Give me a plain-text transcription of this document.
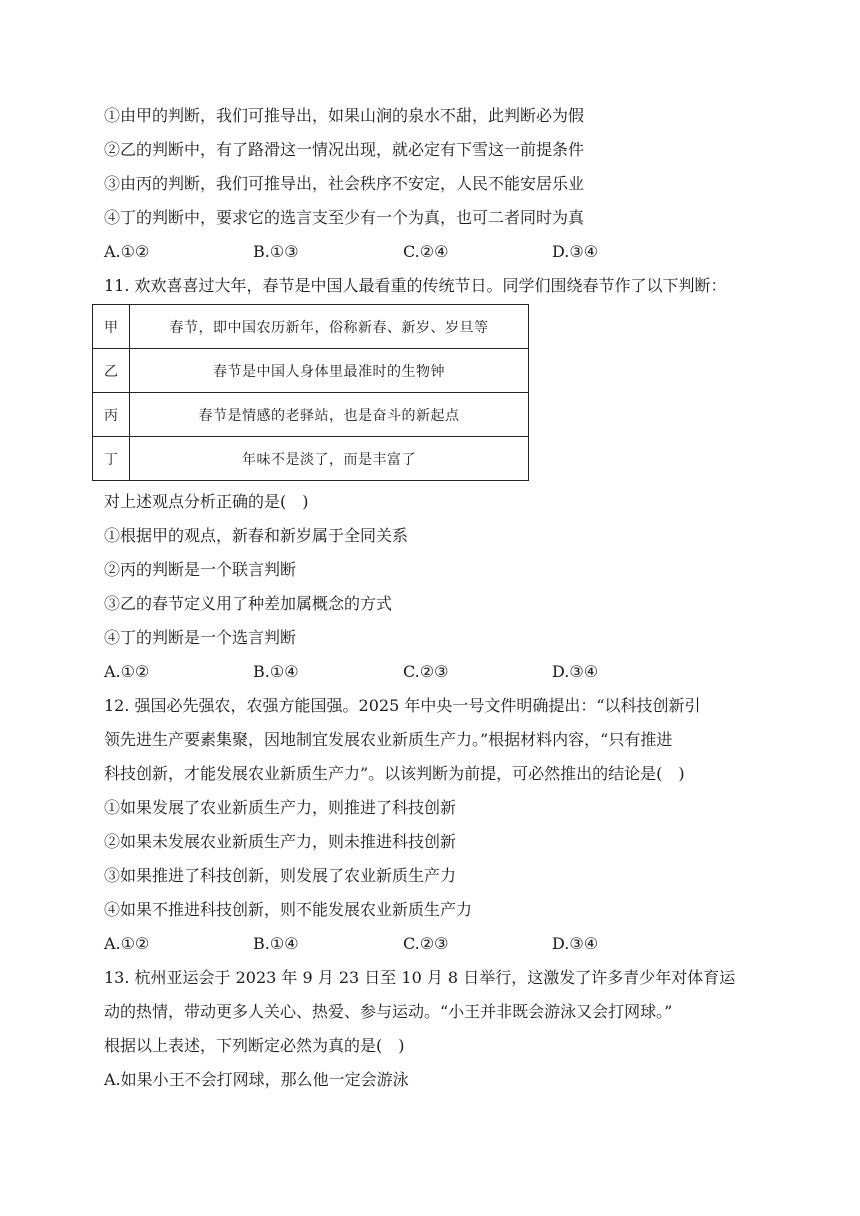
①由甲的判断，我们可推导出，如果山涧的泉水不甜，此判断必为假
②乙的判断中，有了路滑这一情况出现，就必定有下雪这一前提条件
③由丙的判断，我们可推导出，社会秩序不安定，人民不能安居乐业
④丁的判断中，要求它的选言支至少有一个为真，也可二者同时为真
A.①②	B.①③	C.②④	D.③④
11. 欢欢喜喜过大年，春节是中国人最看重的传统节日。同学们围绕春节作了以下判断：
甲	春节，即中国农历新年，俗称新春、新岁、岁旦等
乙	春节是中国人身体里最准时的生物钟
丙	春节是情感的老驿站，也是奋斗的新起点
丁	年味不是淡了，而是丰富了
对上述观点分析正确的是(　)
①根据甲的观点，新春和新岁属于全同关系
②丙的判断是一个联言判断
③乙的春节定义用了种差加属概念的方式
④丁的判断是一个选言判断
A.①②	B.①④	C.②③	D.③④
12. 强国必先强农，农强方能国强。2025 年中央一号文件明确提出：“以科技创新引
领先进生产要素集聚，因地制宜发展农业新质生产力。”根据材料内容，“只有推进
科技创新，才能发展农业新质生产力”。以该判断为前提，可必然推出的结论是(　)
①如果发展了农业新质生产力，则推进了科技创新
②如果未发展农业新质生产力，则未推进科技创新
③如果推进了科技创新，则发展了农业新质生产力
④如果不推进科技创新，则不能发展农业新质生产力
A.①②	B.①④	C.②③	D.③④
13. 杭州亚运会于 2023 年 9 月 23 日至 10 月 8 日举行，这激发了许多青少年对体育运
动的热情，带动更多人关心、热爱、参与运动。“小王并非既会游泳又会打网球。”
根据以上表述，下列断定必然为真的是(　)
A.如果小王不会打网球，那么他一定会游泳
